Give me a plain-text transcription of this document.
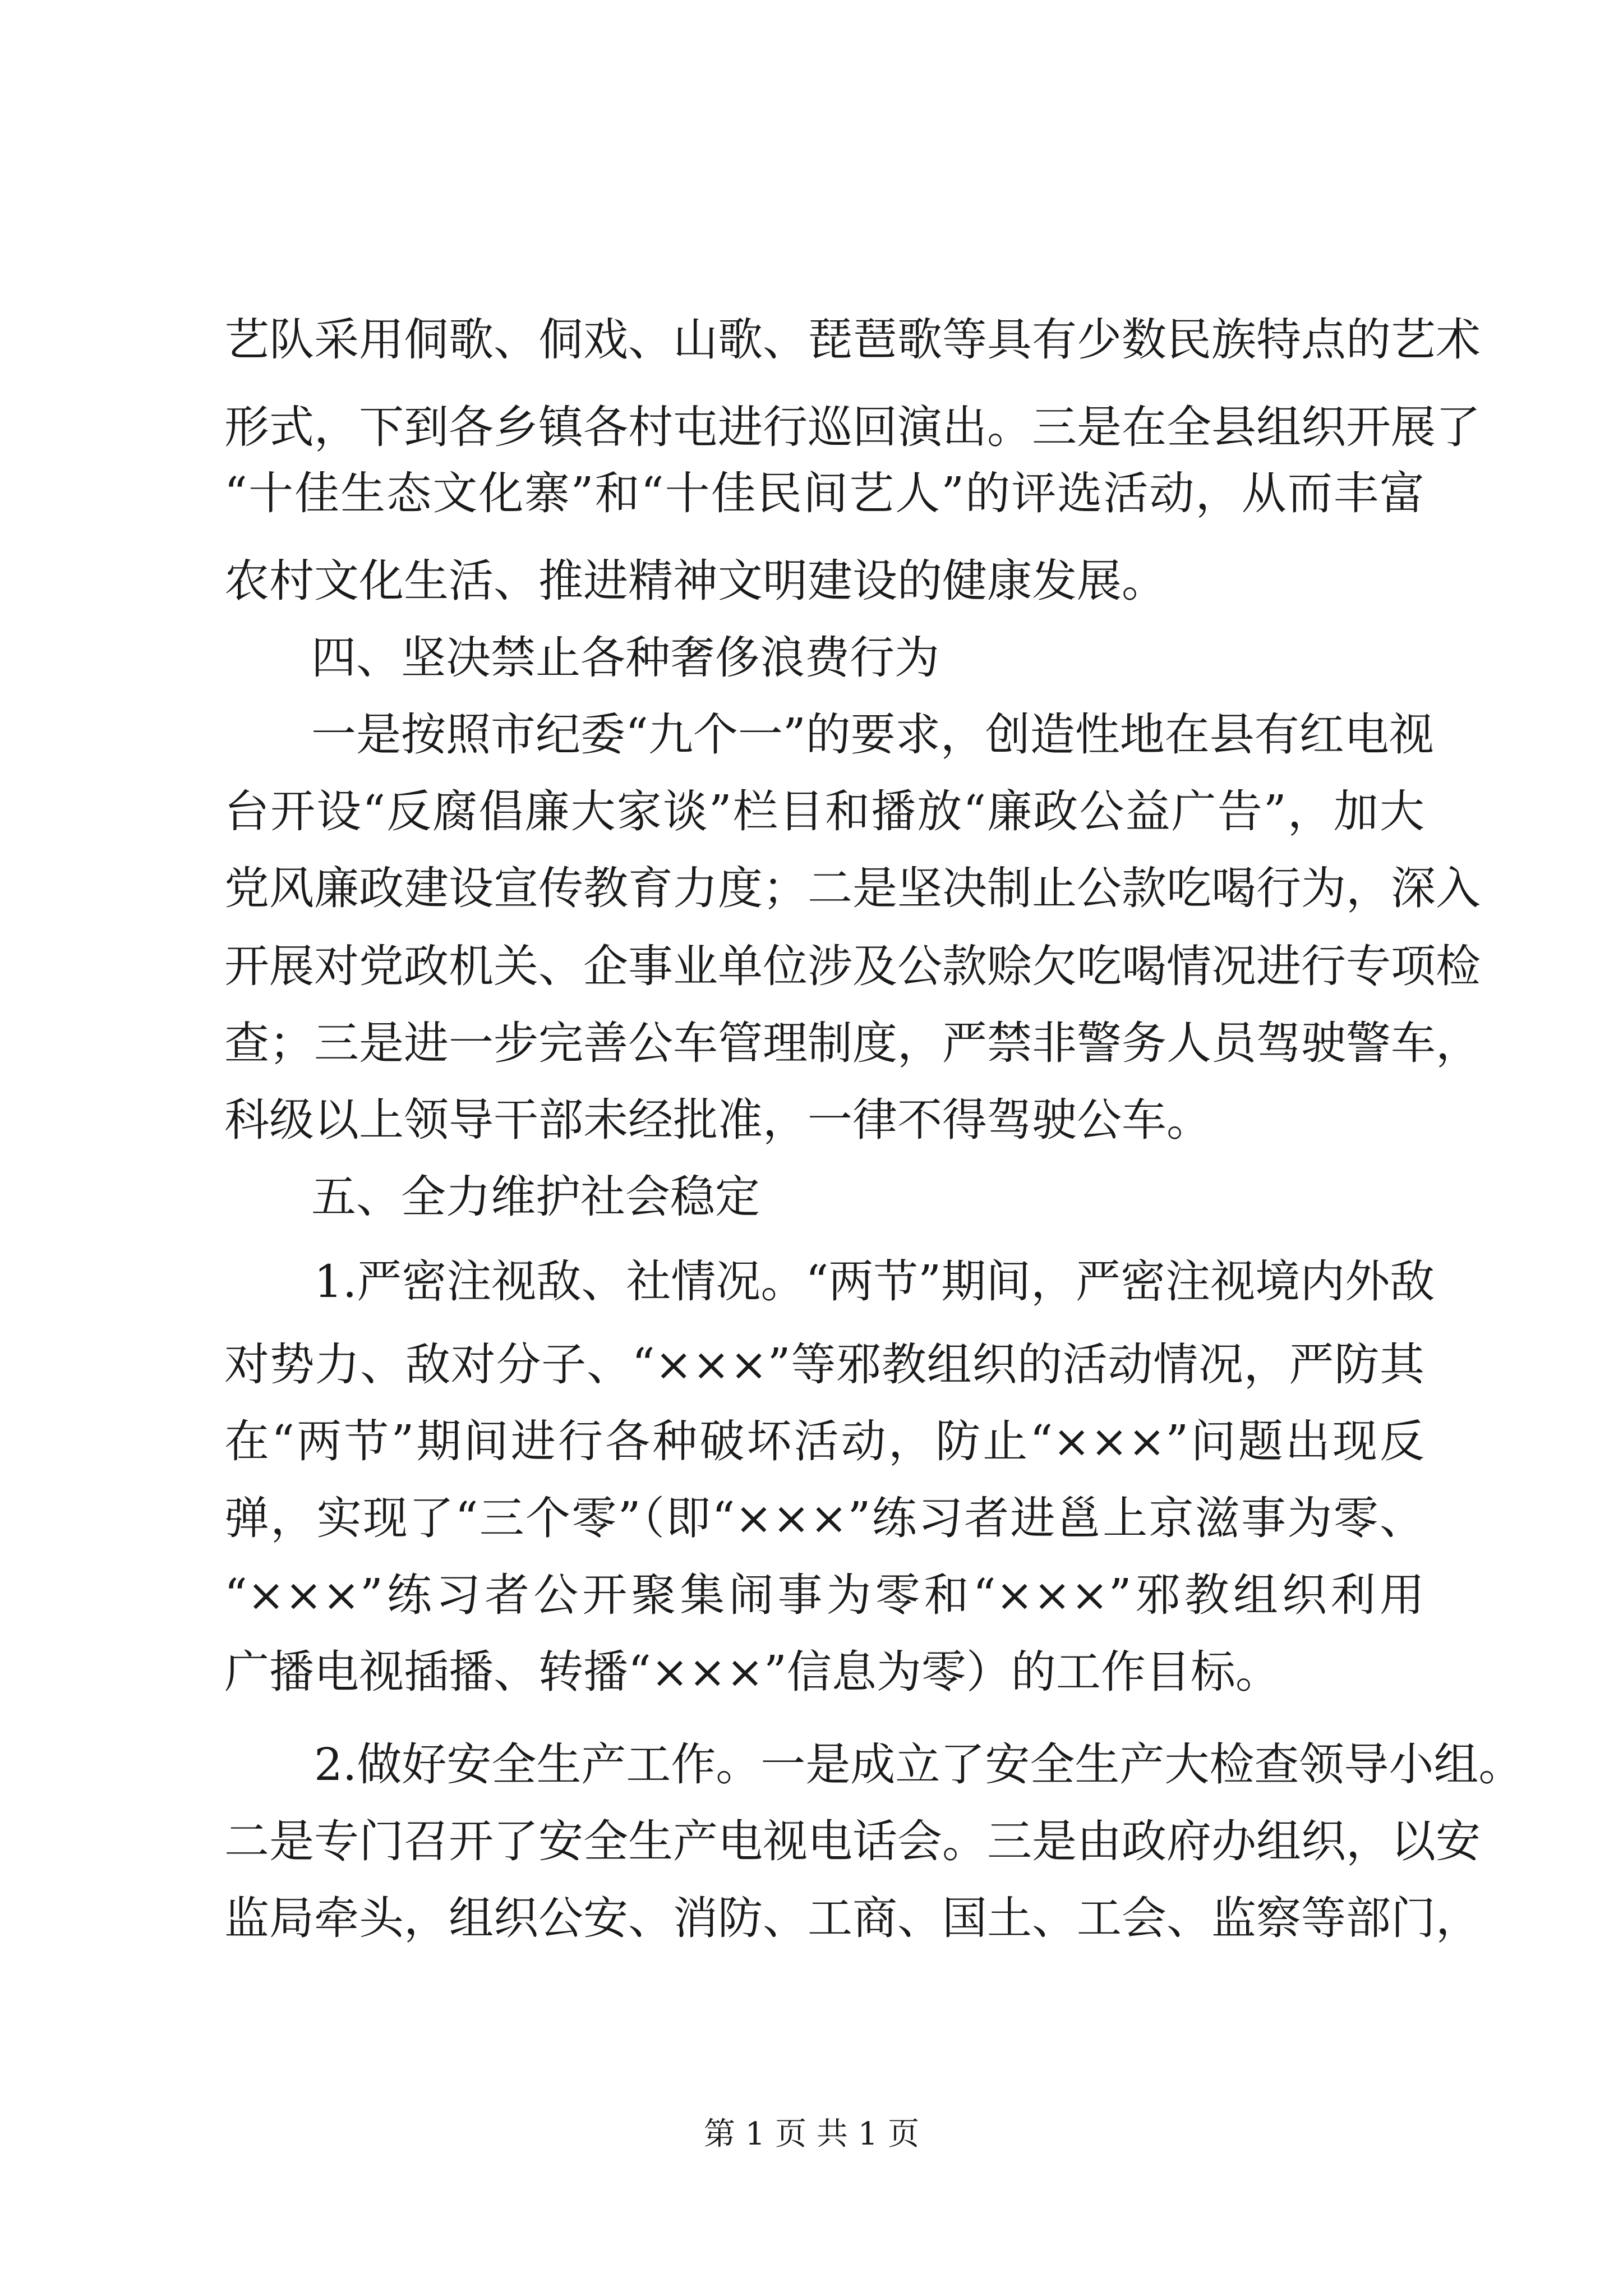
艺队采用侗歌、侗戏、山歌、琵琶歌等具有少数民族特点的艺术

形式，下到各乡镇各村屯进行巡回演出。三是在全县组织开展了

“十佳生态文化寨”和“十佳民间艺人”的评选活动，从而丰富

农村文化生活、推进精神文明建设的健康发展。

四、坚决禁止各种奢侈浪费行为

一是按照市纪委“九个一”的要求，创造性地在县有红电视

台开设“反腐倡廉大家谈”栏目和播放“廉政公益广告”，加大

党风廉政建设宣传教育力度；二是坚决制止公款吃喝行为，深入

开展对党政机关、企事业单位涉及公款赊欠吃喝情况进行专项检

查；三是进一步完善公车管理制度，严禁非警务人员驾驶警车，

科级以上领导干部未经批准，一律不得驾驶公车。

五、全力维护社会稳定

1.严密注视敌、社情况。“两节”期间，严密注视境内外敌

对势力、敌对分子、“×××”等邪教组织的活动情况，严防其

在“两节”期间进行各种破坏活动，防止“×××”问题出现反

弹，实现了“三个零”（即“×××”练习者进邕上京滋事为零、

“×××”练习者公开聚集闹事为零和“×××”邪教组织利用

广播电视插播、转播“×××”信息为零）的工作目标。

2.做好安全生产工作。一是成立了安全生产大检查领导小组。

二是专门召开了安全生产电视电话会。三是由政府办组织，以安

监局牵头，组织公安、消防、工商、国土、工会、监察等部门，

第 1 页 共 1 页
